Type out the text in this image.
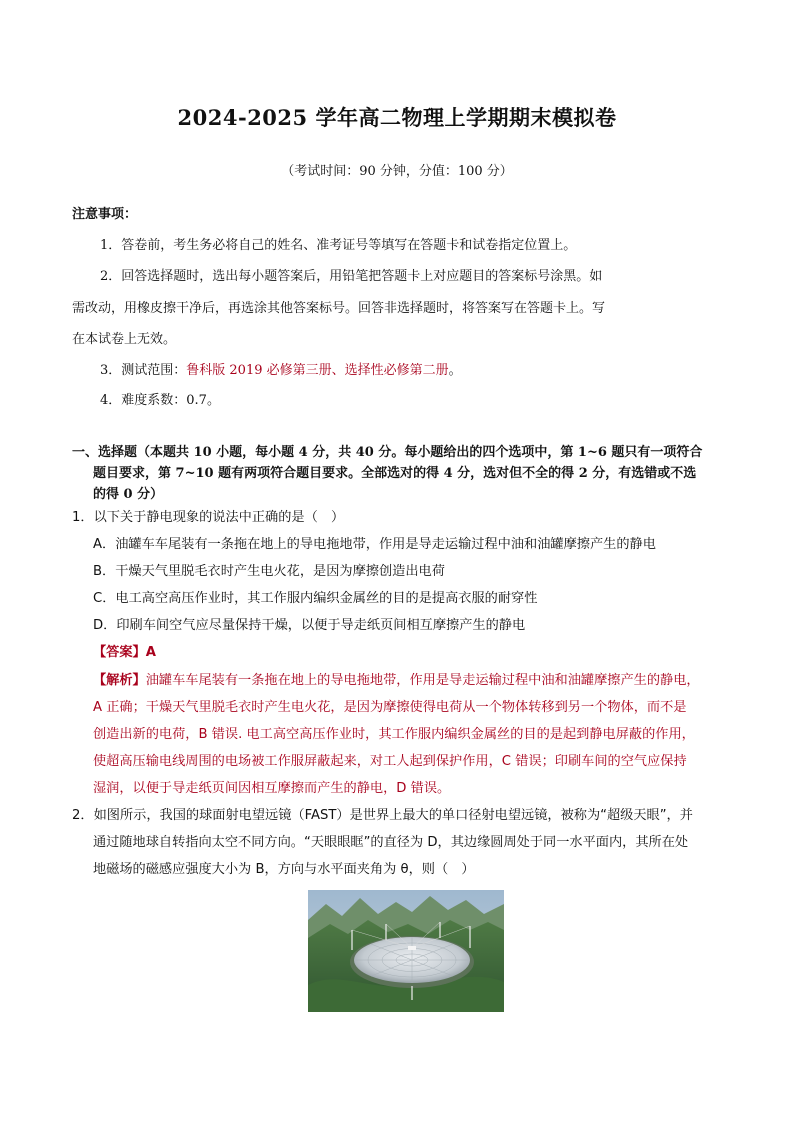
2024-2025 学年高二物理上学期期末模拟卷
（考试时间：90 分钟，分值：100 分）
注意事项：
1．答卷前，考生务必将自己的姓名、准考证号等填写在答题卡和试卷指定位置上。
2．回答选择题时，选出每小题答案后，用铅笔把答题卡上对应题目的答案标号涂黑。如
需改动，用橡皮擦干净后，再选涂其他答案标号。回答非选择题时，将答案写在答题卡上。写
在本试卷上无效。
3．测试范围：鲁科版 2019 必修第三册、选择性必修第二册。
4．难度系数：0.7。
一、选择题（本题共 10 小题，每小题 4 分，共 40 分。每小题给出的四个选项中，第 1~6 题只有一项符合
题目要求，第 7~10 题有两项符合题目要求。全部选对的得 4 分，选对但不全的得 2 分，有选错或不选
的得 0 分）
1．以下关于静电现象的说法中正确的是（　）
A．油罐车车尾装有一条拖在地上的导电拖地带，作用是导走运输过程中油和油罐摩擦产生的静电
B．干燥天气里脱毛衣时产生电火花，是因为摩擦创造出电荷
C．电工高空高压作业时，其工作服内编织金属丝的目的是提高衣服的耐穿性
D．印刷车间空气应尽量保持干燥，以便于导走纸页间相互摩擦产生的静电
【答案】A
【解析】油罐车车尾装有一条拖在地上的导电拖地带，作用是导走运输过程中油和油罐摩擦产生的静电，
A 正确；干燥天气里脱毛衣时产生电火花，是因为摩擦使得电荷从一个物体转移到另一个物体，而不是
创造出新的电荷，B 错误. 电工高空高压作业时，其工作服内编织金属丝的目的是起到静电屏蔽的作用，
使超高压输电线周围的电场被工作服屏蔽起来，对工人起到保护作用，C 错误；印刷车间的空气应保持
湿润，以便于导走纸页间因相互摩擦而产生的静电，D 错误。
2．如图所示，我国的球面射电望远镜（FAST）是世界上最大的单口径射电望远镜，被称为“超级天眼”，并
通过随地球自转指向太空不同方向。“天眼眼眶”的直径为 D，其边缘圆周处于同一水平面内，其所在处
地磁场的磁感应强度大小为 B，方向与水平面夹角为 θ，则（　）
